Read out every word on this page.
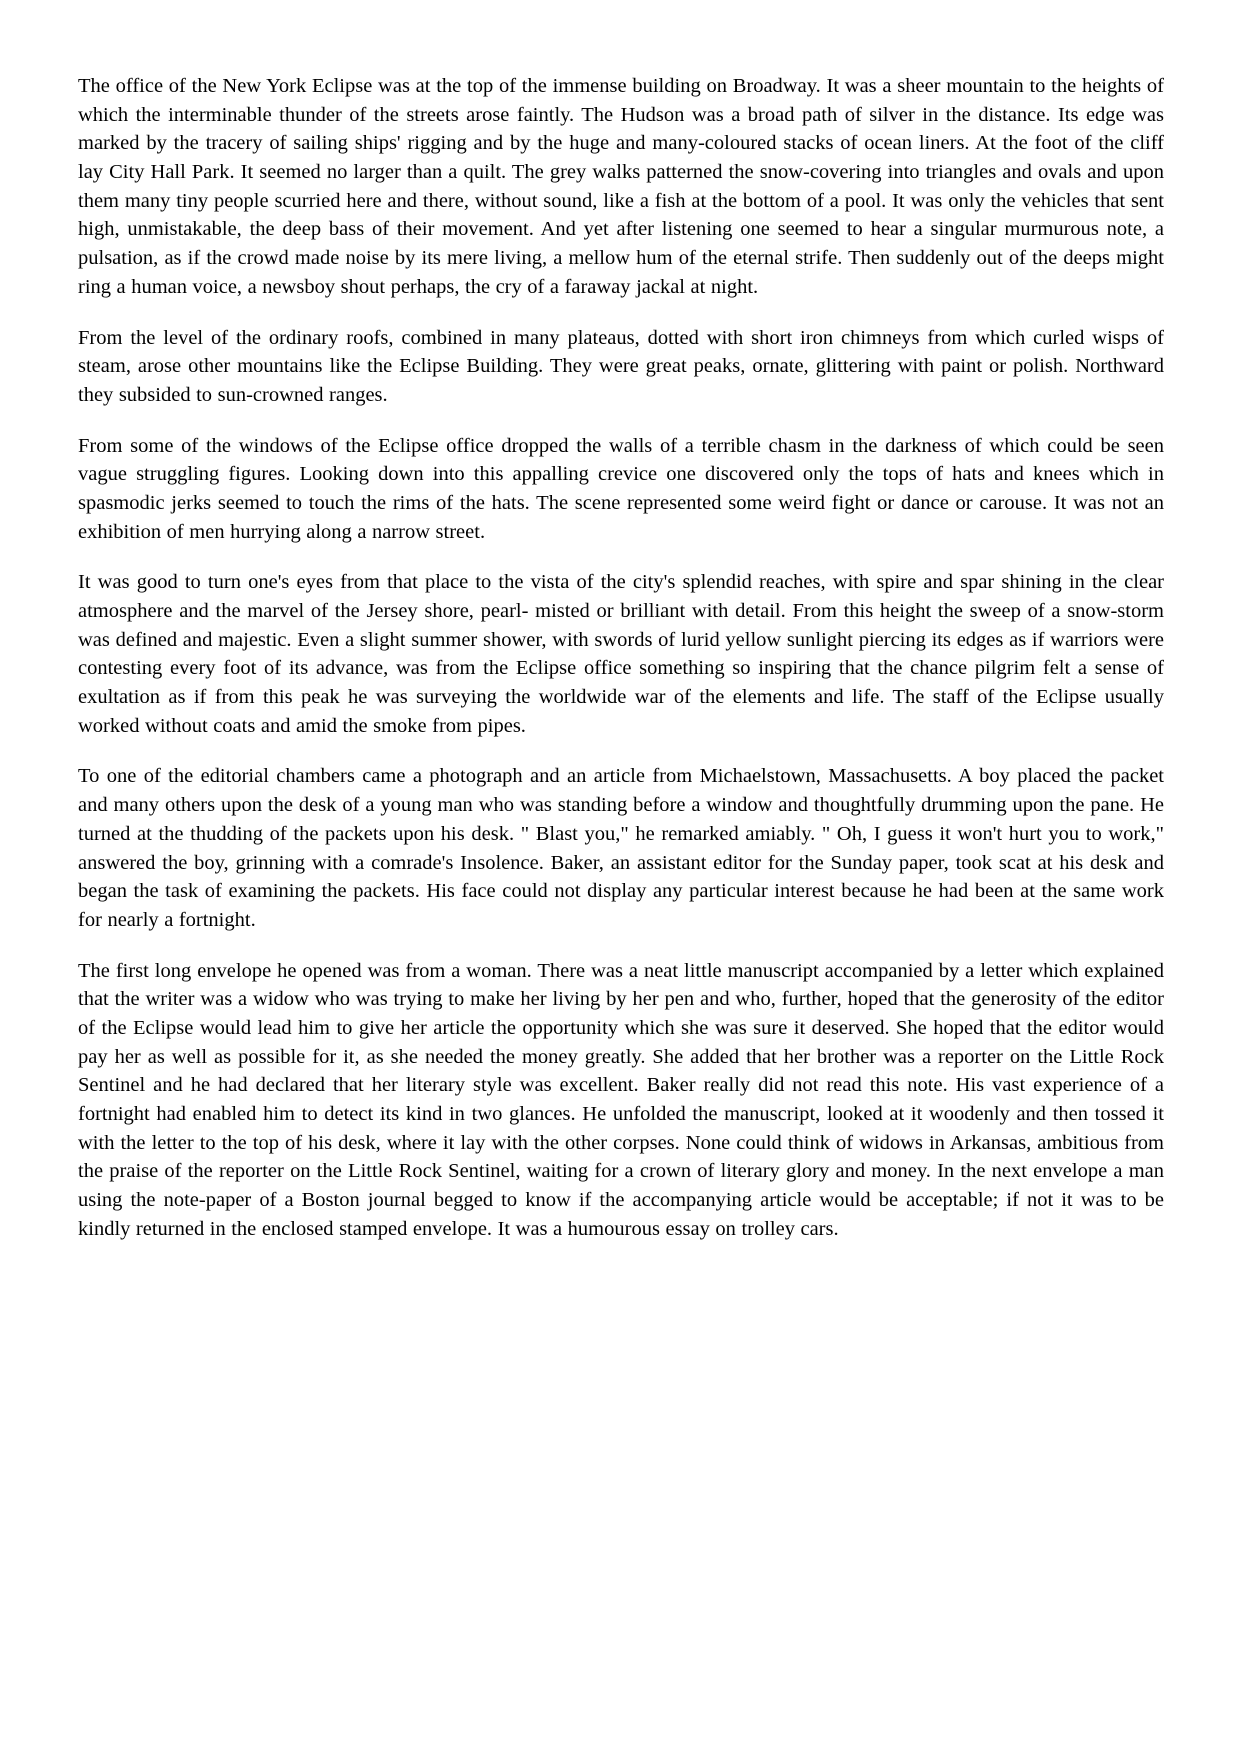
The office of the New York Eclipse was at the top of the immense building on Broadway. It was a sheer mountain to the heights of which the interminable thunder of the streets arose faintly. The Hudson was a broad path of silver in the distance. Its edge was marked by the tracery of sailing ships' rigging and by the huge and many-coloured stacks of ocean liners. At the foot of the cliff lay City Hall Park. It seemed no larger than a quilt. The grey walks patterned the snow-covering into triangles and ovals and upon them many tiny people scurried here and there, without sound, like a fish at the bottom of a pool. It was only the vehicles that sent high, unmistakable, the deep bass of their movement. And yet after listening one seemed to hear a singular murmurous note, a pulsation, as if the crowd made noise by its mere living, a mellow hum of the eternal strife. Then suddenly out of the deeps might ring a human voice, a newsboy shout perhaps, the cry of a faraway jackal at night.

From the level of the ordinary roofs, combined in many plateaus, dotted with short iron chimneys from which curled wisps of steam, arose other mountains like the Eclipse Building. They were great peaks, ornate, glittering with paint or polish. Northward they subsided to sun-crowned ranges.

From some of the windows of the Eclipse office dropped the walls of a terrible chasm in the darkness of which could be seen vague struggling figures. Looking down into this appalling crevice one discovered only the tops of hats and knees which in spasmodic jerks seemed to touch the rims of the hats. The scene represented some weird fight or dance or carouse. It was not an exhibition of men hurrying along a narrow street.

It was good to turn one's eyes from that place to the vista of the city's splendid reaches, with spire and spar shining in the clear atmosphere and the marvel of the Jersey shore, pearl- misted or brilliant with detail. From this height the sweep of a snow-storm was defined and majestic. Even a slight summer shower, with swords of lurid yellow sunlight piercing its edges as if warriors were contesting every foot of its advance, was from the Eclipse office something so inspiring that the chance pilgrim felt a sense of exultation as if from this peak he was surveying the worldwide war of the elements and life. The staff of the Eclipse usually worked without coats and amid the smoke from pipes.

To one of the editorial chambers came a photograph and an article from Michaelstown, Massachusetts. A boy placed the packet and many others upon the desk of a young man who was standing before a window and thoughtfully drumming upon the pane. He turned at the thudding of the packets upon his desk. " Blast you," he remarked amiably. " Oh, I guess it won't hurt you to work," answered the boy, grinning with a comrade's Insolence. Baker, an assistant editor for the Sunday paper, took scat at his desk and began the task of examining the packets. His face could not display any particular interest because he had been at the same work for nearly a fortnight.

The first long envelope he opened was from a woman. There was a neat little manuscript accompanied by a letter which explained that the writer was a widow who was trying to make her living by her pen and who, further, hoped that the generosity of the editor of the Eclipse would lead him to give her article the opportunity which she was sure it deserved. She hoped that the editor would pay her as well as possible for it, as she needed the money greatly. She added that her brother was a reporter on the Little Rock Sentinel and he had declared that her literary style was excellent. Baker really did not read this note. His vast experience of a fortnight had enabled him to detect its kind in two glances. He unfolded the manuscript, looked at it woodenly and then tossed it with the letter to the top of his desk, where it lay with the other corpses. None could think of widows in Arkansas, ambitious from the praise of the reporter on the Little Rock Sentinel, waiting for a crown of literary glory and money. In the next envelope a man using the note-paper of a Boston journal begged to know if the accompanying article would be acceptable; if not it was to be kindly returned in the enclosed stamped envelope. It was a humourous essay on trolley cars.
